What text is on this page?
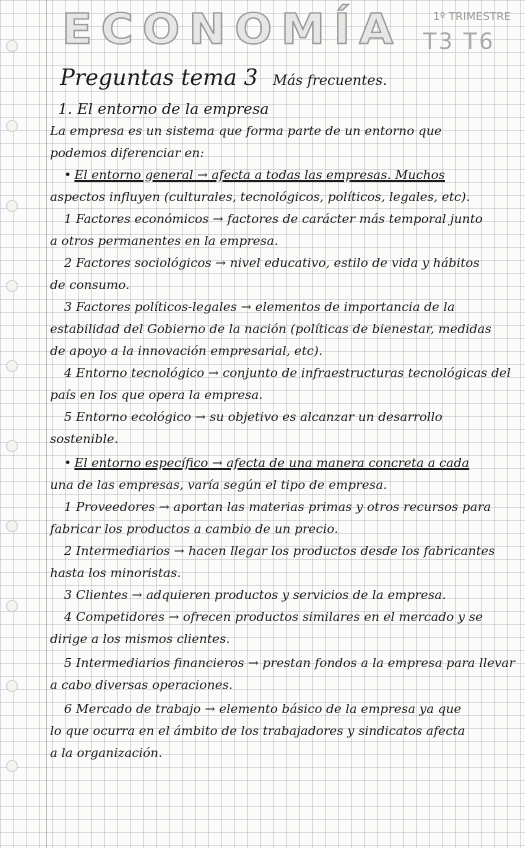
ECONOMÍA	1º TRIMESTRE
T3 T6
Preguntas tema 3 Más frecuentes.
1. El entorno de la empresa
La empresa es un sistema que forma parte de un entorno que
podemos diferenciar en:
• El entorno general → afecta a todas las empresas. Muchos
aspectos influyen (culturales, tecnológicos, políticos, legales, etc).
1 Factores económicos → factores de carácter más temporal junto
a otros permanentes en la empresa.
2 Factores sociológicos → nivel educativo, estilo de vida y hábitos
de consumo.
3 Factores políticos-legales → elementos de importancia de la
estabilidad del Gobierno de la nación (políticas de bienestar, medidas
de apoyo a la innovación empresarial, etc).
4 Entorno tecnológico → conjunto de infraestructuras tecnológicas del
país en los que opera la empresa.
5 Entorno ecológico → su objetivo es alcanzar un desarrollo
sostenible.
• El entorno específico → afecta de una manera concreta a cada
una de las empresas, varía según el tipo de empresa.
1 Proveedores → aportan las materias primas y otros recursos para
fabricar los productos a cambio de un precio.
2 Intermediarios → hacen llegar los productos desde los fabricantes
hasta los minoristas.
3 Clientes → adquieren productos y servicios de la empresa.
4 Competidores → ofrecen productos similares en el mercado y se
dirige a los mismos clientes.
5 Intermediarios financieros → prestan fondos a la empresa para llevar
a cabo diversas operaciones.
6 Mercado de trabajo → elemento básico de la empresa ya que
lo que ocurra en el ámbito de los trabajadores y sindicatos afecta
a la organización.
